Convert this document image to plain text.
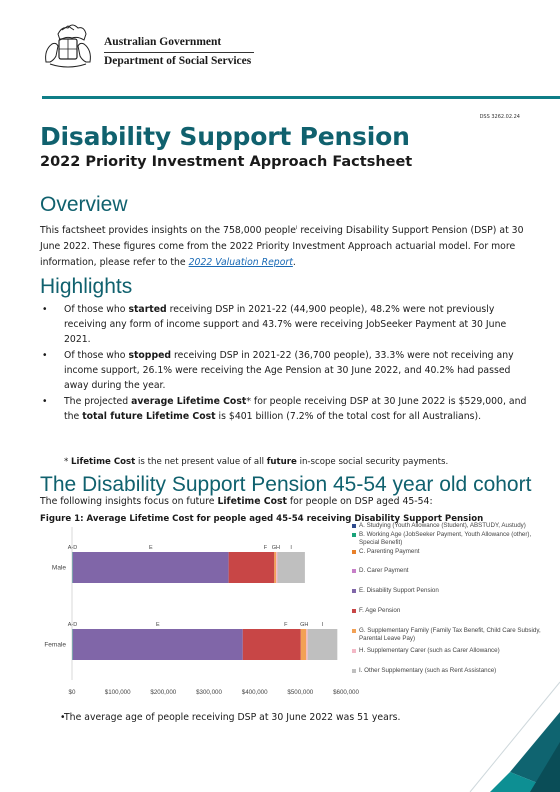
Australian Government
Department of Social Services
DSS 3262.02.24
Disability Support Pension
2022 Priority Investment Approach Factsheet
Overview
This factsheet provides insights on the 758,000 people$^i$ receiving Disability Support Pension (DSP) at 30 June 2022. These figures come from the 2022 Priority Investment Approach actuarial model. For more information, please refer to the 2022 Valuation Report.
Highlights
• Of those who started receiving DSP in 2021-22 (44,900 people), 48.2% were not previously receiving any form of income support and 43.7% were receiving JobSeeker Payment at 30 June 2021.
• Of those who stopped receiving DSP in 2021-22 (36,700 people), 33.3% were not receiving any income support, 26.1% were receiving the Age Pension at 30 June 2022, and 40.2% had passed away during the year.
• The projected average Lifetime Cost* for people receiving DSP at 30 June 2022 is $529,000, and the total future Lifetime Cost is $401 billion (7.2% of the total cost for all Australians).
* Lifetime Cost is the net present value of all future in-scope social security payments.
The Disability Support Pension 45-54 year old cohort
The following insights focus on future Lifetime Cost for people on DSP aged 45-54:
Figure 1: Average Lifetime Cost for people aged 45-54 receiving Disability Support Pension
Male
A-D	E	F GH I
Female
A-D	E	F GH I
$0	$100,000	$200,000	$300,000	$400,000	$500,000	$600,000
A. Studying (Youth Allowance (Student), ABSTUDY, Austudy)
B. Working Age (JobSeeker Payment, Youth Allowance (other), Special Benefit)
C. Parenting Payment
D. Carer Payment
E. Disability Support Pension
F. Age Pension
G. Supplementary Family (Family Tax Benefit, Child Care Subsidy, Parental Leave Pay)
H. Supplementary Carer (such as Carer Allowance)
I. Other Supplementary (such as Rent Assistance)
•The average age of people receiving DSP at 30 June 2022 was 51 years.
